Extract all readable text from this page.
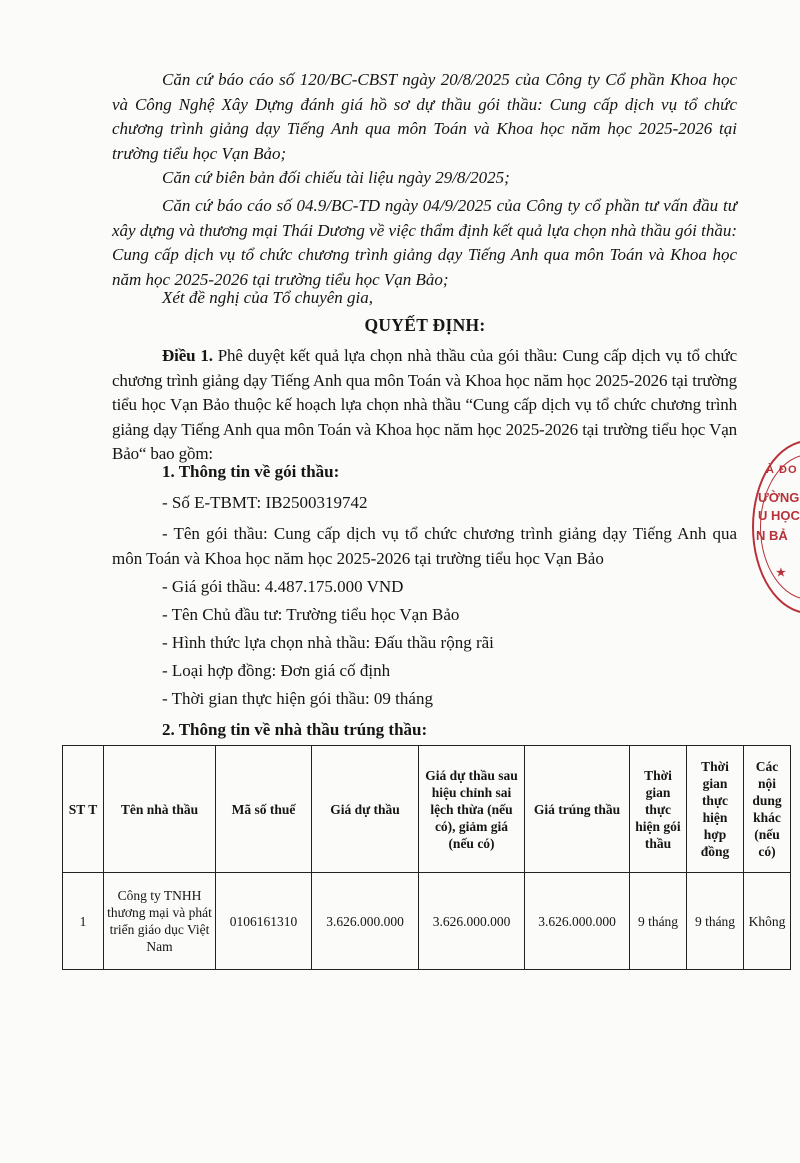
Căn cứ báo cáo số 120/BC-CBST ngày 20/8/2025 của Công ty Cổ phần Khoa học và Công Nghệ Xây Dựng đánh giá hồ sơ dự thầu gói thầu: Cung cấp dịch vụ tổ chức chương trình giảng dạy Tiếng Anh qua môn Toán và Khoa học năm học 2025-2026 tại trường tiểu học Vạn Bảo;

Căn cứ biên bản đối chiếu tài liệu ngày 29/8/2025;

Căn cứ báo cáo số 04.9/BC-TD ngày 04/9/2025 của Công ty cổ phần tư vấn đầu tư xây dựng và thương mại Thái Dương về việc thẩm định kết quả lựa chọn nhà thầu gói thầu: Cung cấp dịch vụ tổ chức chương trình giảng dạy Tiếng Anh qua môn Toán và Khoa học năm học 2025-2026 tại trường tiểu học Vạn Bảo;

Xét đề nghị của Tổ chuyên gia,

QUYẾT ĐỊNH:

Điều 1. Phê duyệt kết quả lựa chọn nhà thầu của gói thầu: Cung cấp dịch vụ tổ chức chương trình giảng dạy Tiếng Anh qua môn Toán và Khoa học năm học 2025-2026 tại trường tiểu học Vạn Bảo thuộc kế hoạch lựa chọn nhà thầu “Cung cấp dịch vụ tổ chức chương trình giảng dạy Tiếng Anh qua môn Toán và Khoa học năm học 2025-2026 tại trường tiểu học Vạn Bảo“ bao gồm:

1. Thông tin về gói thầu:
- Số E-TBMT: IB2500319742

- Tên gói thầu: Cung cấp dịch vụ tổ chức chương trình giảng dạy Tiếng Anh qua môn Toán và Khoa học năm học 2025-2026 tại trường tiểu học Vạn Bảo

- Giá gói thầu: 4.487.175.000 VND
- Tên Chủ đầu tư: Trường tiểu học Vạn Bảo
- Hình thức lựa chọn nhà thầu: Đấu thầu rộng rãi
- Loại hợp đồng: Đơn giá cố định
- Thời gian thực hiện gói thầu: 09 tháng
2. Thông tin về nhà thầu trúng thầu:
ST T	Tên nhà thầu	Mã số thuế	Giá dự thầu	Giá dự thầu sau hiệu chỉnh sai lệch thừa (nếu có), giảm giá (nếu có)	Giá trúng thầu	Thời gian thực hiện gói thầu	Thời gian thực hiện hợp đồng	Các nội dung khác (nếu có)
1	Công ty TNHH thương mại và phát triển giáo dục Việt Nam	0106161310	3.626.000.000	3.626.000.000	3.626.000.000	9 tháng	9 tháng	Không
À ĐO
ƯỜNG
U HỌC
N BẢ
★
